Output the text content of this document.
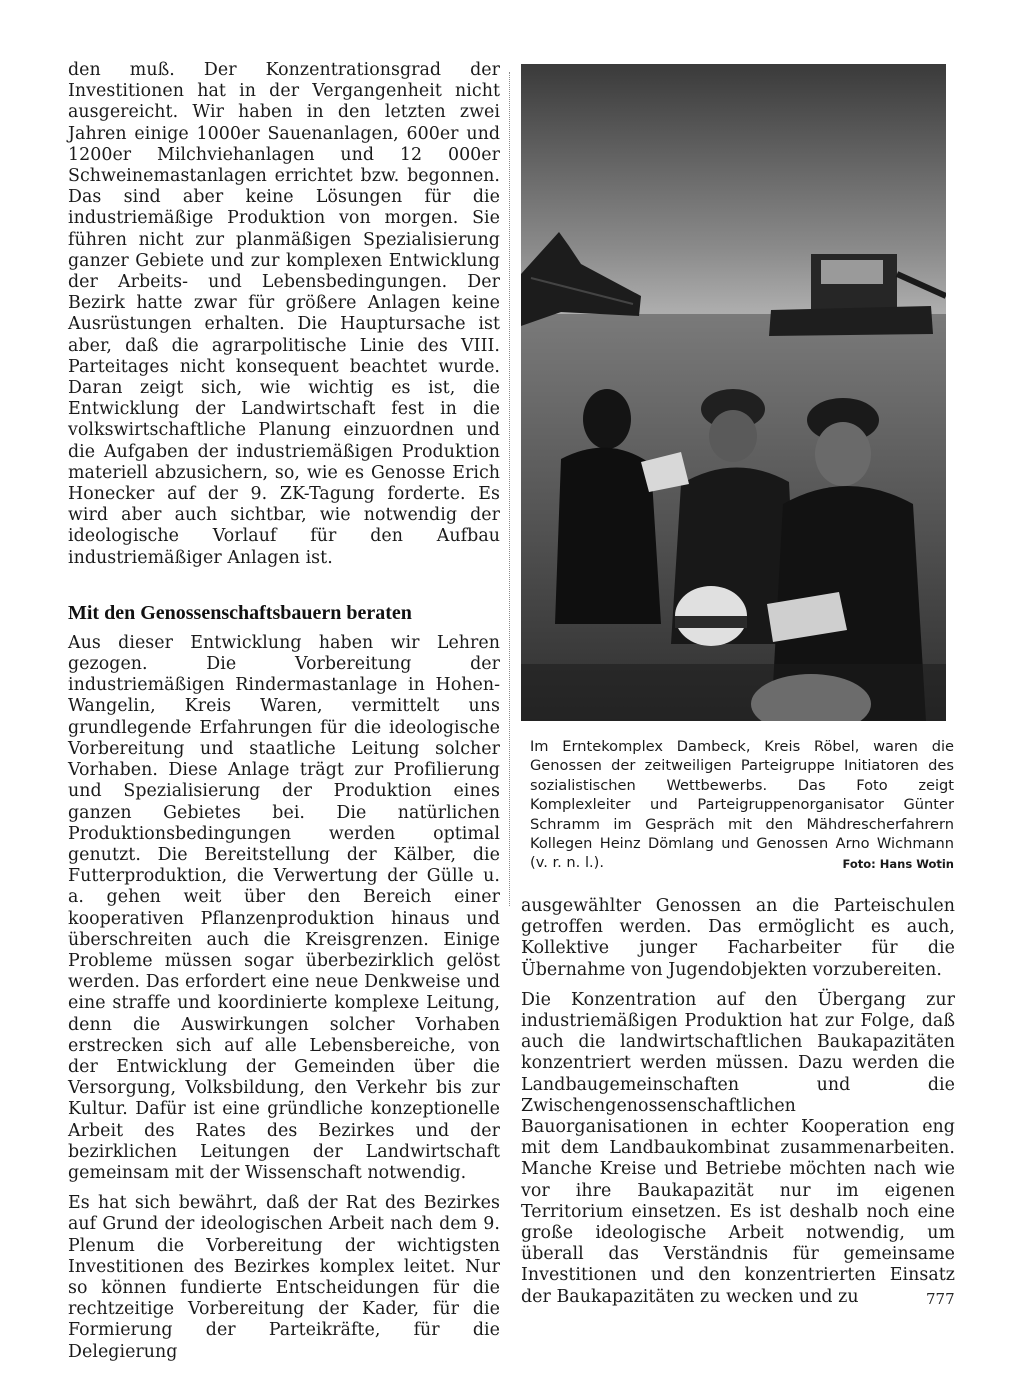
den muß. Der Konzentrationsgrad der Investitionen hat in der Vergangenheit nicht ausgereicht. Wir haben in den letzten zwei Jahren einige 1000er Sauenanlagen, 600er und 1200er Milchviehanlagen und 12 000er Schweinemastanlagen errichtet bzw. begonnen. Das sind aber keine Lösungen für die industriemäßige Produktion von morgen. Sie führen nicht zur planmäßigen Spezialisierung ganzer Gebiete und zur komplexen Entwicklung der Arbeits- und Lebensbedingungen. Der Bezirk hatte zwar für größere Anlagen keine Ausrüstungen erhalten. Die Hauptursache ist aber, daß die agrarpolitische Linie des VIII. Parteitages nicht konsequent beachtet wurde. Daran zeigt sich, wie wichtig es ist, die Entwicklung der Landwirtschaft fest in die volkswirtschaftliche Planung einzuordnen und die Aufgaben der industriemäßigen Produktion materiell abzusichern, so, wie es Genosse Erich Honecker auf der 9. ZK-Tagung forderte. Es wird aber auch sichtbar, wie notwendig der ideologische Vorlauf für den Aufbau industriemäßiger Anlagen ist.

Mit den Genossenschaftsbauern beraten

Aus dieser Entwicklung haben wir Lehren gezogen. Die Vorbereitung der industriemäßigen Rindermastanlage in Hohen-Wangelin, Kreis Waren, vermittelt uns grundlegende Erfahrungen für die ideologische Vorbereitung und staatliche Leitung solcher Vorhaben. Diese Anlage trägt zur Profilierung und Spezialisierung der Produktion eines ganzen Gebietes bei. Die natürlichen Produktionsbedingungen werden optimal genutzt. Die Bereitstellung der Kälber, die Futterproduktion, die Verwertung der Gülle u. a. gehen weit über den Bereich einer kooperativen Pflanzenproduktion hinaus und überschreiten auch die Kreisgrenzen. Einige Probleme müssen sogar überbezirklich gelöst werden. Das erfordert eine neue Denkweise und eine straffe und koordinierte komplexe Leitung, denn die Auswirkungen solcher Vorhaben erstrecken sich auf alle Lebensbereiche, von der Entwicklung der Gemeinden über die Versorgung, Volksbildung, den Verkehr bis zur Kultur. Dafür ist eine gründliche konzeptionelle Arbeit des Rates des Bezirkes und der bezirklichen Leitungen der Landwirtschaft gemeinsam mit der Wissenschaft notwendig.

Es hat sich bewährt, daß der Rat des Bezirkes auf Grund der ideologischen Arbeit nach dem 9. Plenum die Vorbereitung der wichtigsten Investitionen des Bezirkes komplex leitet. Nur so können fundierte Entscheidungen für die rechtzeitige Vorbereitung der Kader, für die Formierung der Parteikräfte, für die Delegierung

Im Erntekomplex Dambeck, Kreis Röbel, waren die Genossen der zeitweiligen Parteigruppe Initiatoren des sozialistischen Wettbewerbs. Das Foto zeigt Komplexleiter und Parteigruppenorganisator Günter Schramm im Gespräch mit den Mähdrescherfahrern Kollegen Heinz Dömlang und Genossen Arno Wichmann (v. r. n. l.).	Foto: Hans Wotin

ausgewählter Genossen an die Parteischulen getroffen werden. Das ermöglicht es auch, Kollektive junger Facharbeiter für die Übernahme von Jugendobjekten vorzubereiten.

Die Konzentration auf den Übergang zur industriemäßigen Produktion hat zur Folge, daß auch die landwirtschaftlichen Baukapazitäten konzentriert werden müssen. Dazu werden die Landbaugemeinschaften und die Zwischengenossenschaftlichen Bauorganisationen in echter Kooperation eng mit dem Landbaukombinat zusammenarbeiten. Manche Kreise und Betriebe möchten nach wie vor ihre Baukapazität nur im eigenen Territorium einsetzen. Es ist deshalb noch eine große ideologische Arbeit notwendig, um überall das Verständnis für gemeinsame Investitionen und den konzentrierten Einsatz der Baukapazitäten zu wecken und zu	777
